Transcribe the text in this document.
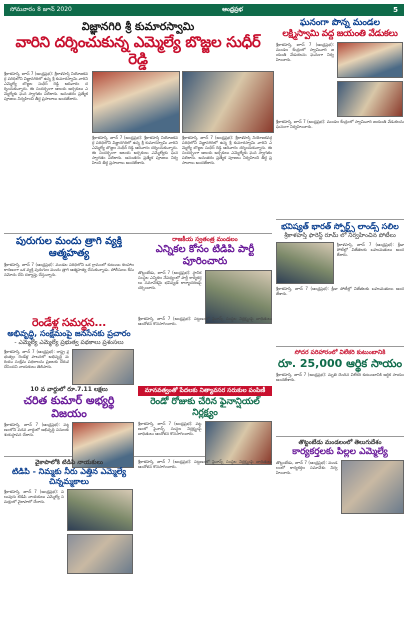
సోమవారం 8 జూన్ 2020	ఆంధ్రప్రభ	5
విజ్ఞానగిరి శ్రీ కుమారస్వామి
వారిని దర్శించుకున్న ఎమ్మెల్యే బొజ్జల సుధీర్ రెడ్డి
శ్రీకాళహస్తి, జూన్ 7 (ఆంధ్రప్రభ): శ్రీకాళహస్తి నియోజకవర్గ పరిధిలోని విజ్ఞానగిరిలో ఉన్న శ్రీ కుమారస్వామి వారిని ఎమ్మెల్యే బొజ్జల సుధీర్ రెడ్డి ఆదివారం దర్శించుకున్నారు. ఈ సందర్భంగా ఆలయ అర్చకులు ఎమ్మెల్యేకు ఘన స్వాగతం పలికారు. అనంతరం ప్రత్యేక పూజలు నిర్వహించి తీర్థ ప్రసాదాలు అందజేశారు.
శ్రీకాళహస్తి, జూన్ 7 (ఆంధ్రప్రభ): శ్రీకాళహస్తి నియోజకవర్గ పరిధిలోని విజ్ఞానగిరిలో ఉన్న శ్రీ కుమారస్వామి వారిని ఎమ్మెల్యే బొజ్జల సుధీర్ రెడ్డి ఆదివారం దర్శించుకున్నారు. ఈ సందర్భంగా ఆలయ అర్చకులు ఎమ్మెల్యేకు ఘన స్వాగతం పలికారు. అనంతరం ప్రత్యేక పూజలు నిర్వహించి తీర్థ ప్రసాదాలు అందజేశారు.
శ్రీకాళహస్తి, జూన్ 7 (ఆంధ్రప్రభ): శ్రీకాళహస్తి నియోజకవర్గ పరిధిలోని విజ్ఞానగిరిలో ఉన్న శ్రీ కుమారస్వామి వారిని ఎమ్మెల్యే బొజ్జల సుధీర్ రెడ్డి ఆదివారం దర్శించుకున్నారు. ఈ సందర్భంగా ఆలయ అర్చకులు ఎమ్మెల్యేకు ఘన స్వాగతం పలికారు. అనంతరం ప్రత్యేక పూజలు నిర్వహించి తీర్థ ప్రసాదాలు అందజేశారు.
పురుగుల మందు త్రాగి వ్యక్తి ఆత్మహత్య
శ్రీకాళహస్తి, జూన్ 7 (ఆంధ్రప్రభ): మండల పరిధిలోని ఒక గ్రామంలో కుటుంబ కలహాల కారణంగా ఒక వ్యక్తి పురుగుల మందు త్రాగి ఆత్మహత్య చేసుకున్నాడు. పోలీసులు కేసు నమోదు చేసి దర్యాప్తు చేస్తున్నారు.
రాజకీయ స్వతంత్ర మండలం
ఎన్నికల కోసం టిడిపి పార్టీ పూరించారు
తొట్టంబేడు, జూన్ 7 (ఆంధ్రప్రభ): స్థానిక సంస్థల ఎన్నికల నేపథ్యంలో పార్టీ కార్యకర్తలు సమావేశమై భవిష్యత్ కార్యాచరణపై చర్చించారు.
రెండేళ్ల సమర్థన...
అభివృద్ధి, సంక్షేమంపై జనసేనకు ప్రచారం
- ఎమ్మెల్యే ఎమ్మెల్యే ప్రభుత్వ పథకాలు ప్రశంసలు
శ్రీకాళహస్తి, జూన్ 7 (ఆంధ్రప్రభ): రాష్ట్ర ప్రభుత్వం రెండేళ్ల పాలనలో అభివృద్ధి మరియు సంక్షేమ పథకాలను ప్రజలకు చేరువ చేసిందని నాయకులు తెలిపారు.
శ్రీకాళహస్తి, జూన్ 7 (ఆంధ్రప్రభ): పట్టణంలో ఫైనాన్స్ సంస్థల నిర్లక్ష్యంపై బాధితులు ఆందోళన కొనసాగించారు.
10 వ వార్డులో రూ.7.11 లక్షలు
చరిత కుమార్ అభ్యర్థి విజయం
శ్రీకాళహస్తి, జూన్ 7 (ఆంధ్రప్రభ): పట్టణంలోని పదవ వార్డులో అభివృద్ధి పనులకు శంకుస్థాపన చేశారు.
మానవత్వంతో పేదలకు నిత్యావసర సరుకుల పంపిణీ
రెండో రోజుకు చేరిన ఫైనాన్షియల్ నిర్లక్ష్యం
శ్రీకాళహస్తి, జూన్ 7 (ఆంధ్రప్రభ): పట్టణంలో ఫైనాన్స్ సంస్థల నిర్లక్ష్యంపై బాధితులు ఆందోళన కొనసాగించారు.
వైకాపాలోకి టిడిపి నాయకులు
టిడిపి - నిమ్మకు నీరు ఎత్తిన ఎమ్మెల్యే చిన్నమ్మకాలు
శ్రీకాళహస్తి, జూన్ 7 (ఆంధ్రప్రభ): పలువురు టిడిపి నాయకులు ఎమ్మెల్యే సమక్షంలో వైకాపాలో చేరారు.
శ్రీకాళహస్తి, జూన్ 7 (ఆంధ్రప్రభ): పట్టణంలో ఫైనాన్స్ సంస్థల నిర్లక్ష్యంపై బాధితులు ఆందోళన కొనసాగించారు.
ఘనంగా పొన్న మండల
లక్ష్మిస్వామి వద్ద జయంతి వేడుకలు
శ్రీకాళహస్తి, జూన్ 7 (ఆంధ్రప్రభ): మండల కేంద్రంలో స్వామివారి జయంతి వేడుకలను ఘనంగా నిర్వహించారు.
శ్రీకాళహస్తి, జూన్ 7 (ఆంధ్రప్రభ): మండల కేంద్రంలో స్వామివారి జయంతి వేడుకలను ఘనంగా నిర్వహించారు.
భవిష్యత్ భారత్ స్పోర్ట్స్ లాండ్స్ సలిల
శ్రీకాళహస్తి ఫారెస్ట్ రూమ్ లో నిర్వహించిన పోటీలు
శ్రీకాళహస్తి, జూన్ 7 (ఆంధ్రప్రభ): క్రీడా పోటీల్లో విజేతలకు బహుమతులు అందజేశారు.
శ్రీకాళహస్తి, జూన్ 7 (ఆంధ్రప్రభ): క్రీడా పోటీల్లో విజేతలకు బహుమతులు అందజేశారు.
సోదర పరిహారంలో విలేకరి కుటుంబానికి
రూ. 25,000 ఆర్థిక సాయం
శ్రీకాళహస్తి, జూన్ 7 (ఆంధ్రప్రభ): మృతి చెందిన విలేకరి కుటుంబానికి ఆర్థిక సాయం అందజేశారు.
తొట్టంబేడు మండలంలో తెలుగుదేశం
కార్యకర్తలకు పిల్లల ఎమ్మెల్యే
తొట్టంబేడు, జూన్ 7 (ఆంధ్రప్రభ): మండలంలో కార్యకర్తల సమావేశం నిర్వహించారు.
